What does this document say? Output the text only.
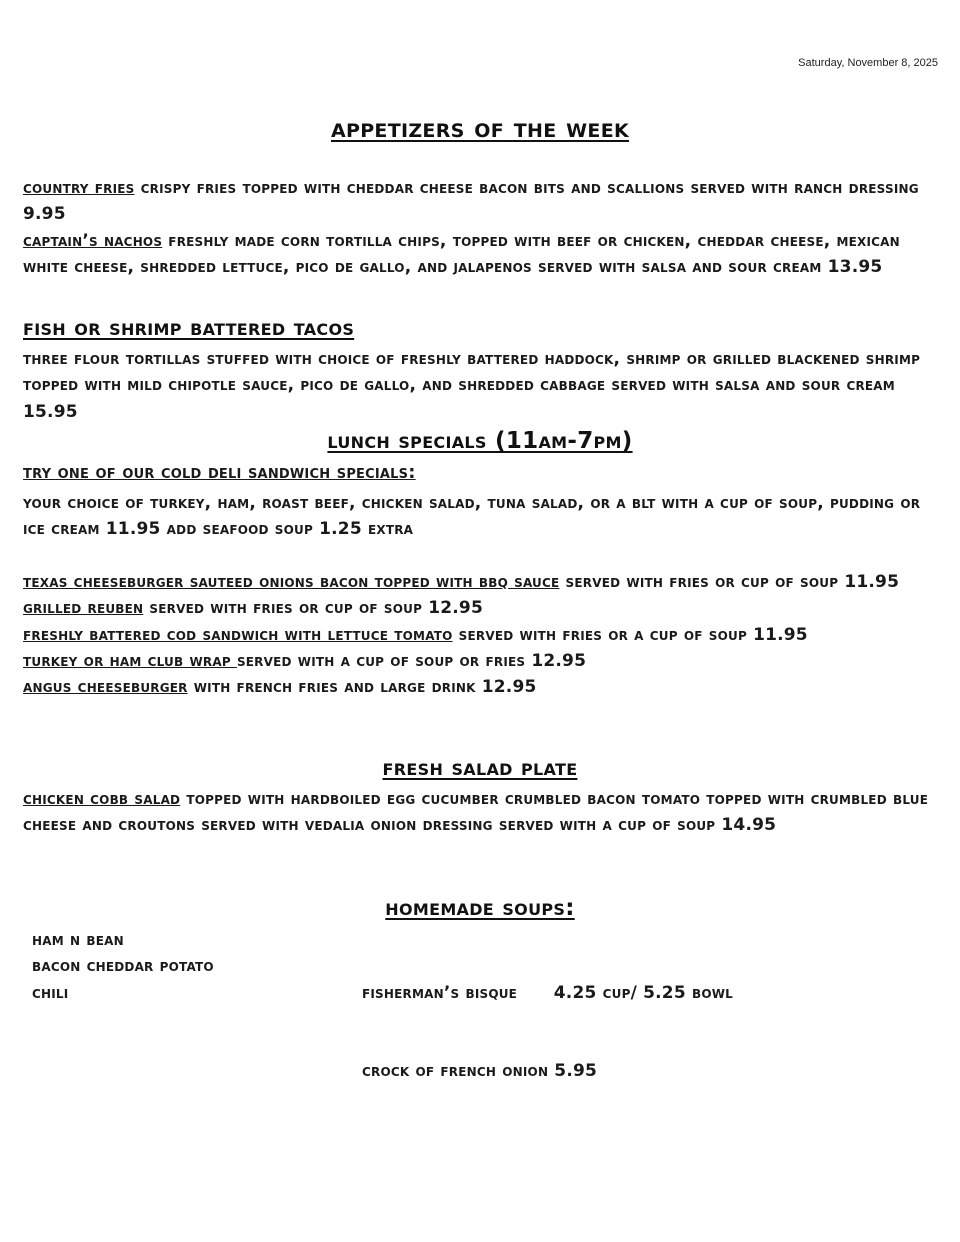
Saturday, November 8, 2025
appetizers of the week
country fries crispy fries topped with cheddar cheese bacon bits and scallions served with ranch dressing 9.95
captain’s nachos freshly made corn tortilla chips, topped with beef or chicken, cheddar cheese, mexican white cheese, shredded lettuce, pico de gallo, and jalapenos served with salsa and sour cream 13.95
fish or shrimp battered tacos
three flour tortillas stuffed with choice of freshly battered haddock, shrimp or grilled blackened shrimp topped with mild chipotle sauce, pico de gallo, and shredded cabbage served with salsa and sour cream 15.95
lunch specials (11am-7pm)
try one of our cold deli sandwich specials:
your choice of turkey, ham, roast beef, chicken salad, tuna salad, or a blt with a cup of soup, pudding or ice cream 11.95 add seafood soup 1.25 extra
texas cheeseburger sauteed onions bacon topped with bbq sauce served with fries or cup of soup 11.95
grilled reuben served with fries or cup of soup 12.95
freshly battered cod sandwich with lettuce tomato served with fries or a cup of soup 11.95
turkey or ham club wrap served with a cup of soup or fries 12.95
angus cheeseburger with french fries and large drink 12.95
fresh salad plate
chicken cobb salad topped with hardboiled egg cucumber crumbled bacon tomato topped with crumbled blue cheese and croutons served with vedalia onion dressing served with a cup of soup 14.95
homemade soups:
ham n bean
bacon cheddar potato
chili

	fisherman’s bisque      4.25 cup/ 5.25 bowl

crock of french onion 5.95
